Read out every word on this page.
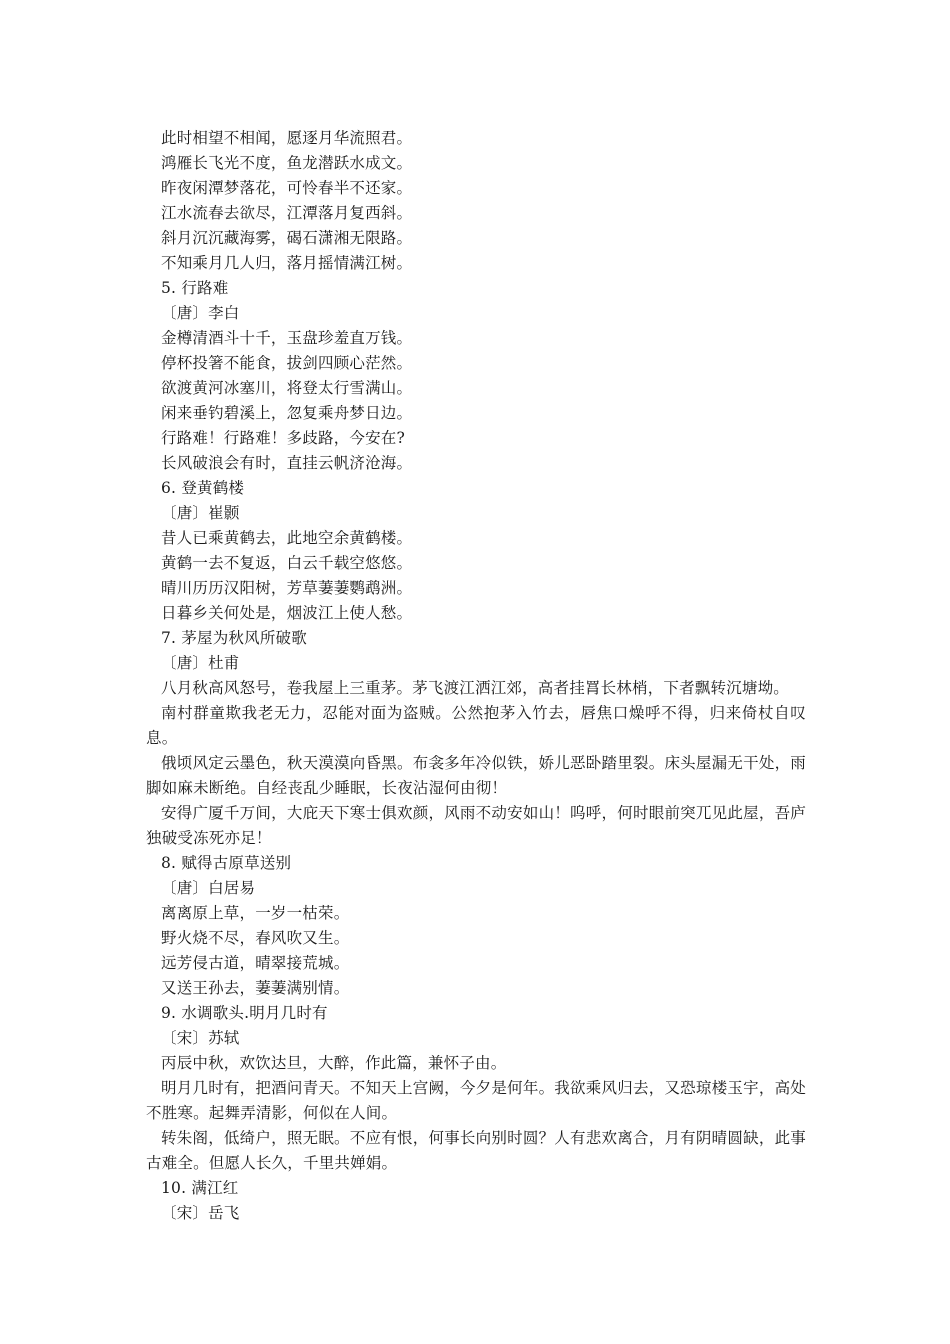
此时相望不相闻，愿逐月华流照君。

鸿雁长飞光不度，鱼龙潜跃水成文。

昨夜闲潭梦落花，可怜春半不还家。

江水流春去欲尽，江潭落月复西斜。

斜月沉沉藏海雾，碣石潇湘无限路。

不知乘月几人归，落月摇情满江树。

5. 行路难

〔唐〕李白

金樽清酒斗十千，玉盘珍羞直万钱。

停杯投箸不能食，拔剑四顾心茫然。

欲渡黄河冰塞川，将登太行雪满山。

闲来垂钓碧溪上，忽复乘舟梦日边。

行路难！行路难！多歧路，今安在?

长风破浪会有时，直挂云帆济沧海。

6. 登黄鹤楼

〔唐〕崔颢

昔人已乘黄鹤去，此地空余黄鹤楼。

黄鹤一去不复返，白云千载空悠悠。

晴川历历汉阳树，芳草萋萋鹦鹉洲。

日暮乡关何处是，烟波江上使人愁。

7. 茅屋为秋风所破歌

〔唐〕杜甫

八月秋高风怒号，卷我屋上三重茅。茅飞渡江洒江郊，高者挂罥长林梢，下者飘转沉塘坳。

南村群童欺我老无力，忍能对面为盗贼。公然抱茅入竹去，唇焦口燥呼不得，归来倚杖自叹息。

俄顷风定云墨色，秋天漠漠向昏黑。布衾多年冷似铁，娇儿恶卧踏里裂。床头屋漏无干处，雨脚如麻未断绝。自经丧乱少睡眠，长夜沾湿何由彻！

安得广厦千万间，大庇天下寒士俱欢颜，风雨不动安如山！呜呼，何时眼前突兀见此屋，吾庐独破受冻死亦足！

8. 赋得古原草送别

〔唐〕白居易

离离原上草，一岁一枯荣。

野火烧不尽，春风吹又生。

远芳侵古道，晴翠接荒城。

又送王孙去，萋萋满别情。

9. 水调歌头.明月几时有

〔宋〕苏轼

丙辰中秋，欢饮达旦，大醉，作此篇，兼怀子由。

明月几时有，把酒问青天。不知天上宫阙，今夕是何年。我欲乘风归去，又恐琼楼玉宇，高处不胜寒。起舞弄清影，何似在人间。

转朱阁，低绮户，照无眠。不应有恨，何事长向别时圆？人有悲欢离合，月有阴晴圆缺，此事古难全。但愿人长久，千里共婵娟。

10. 满江红

〔宋〕岳飞
